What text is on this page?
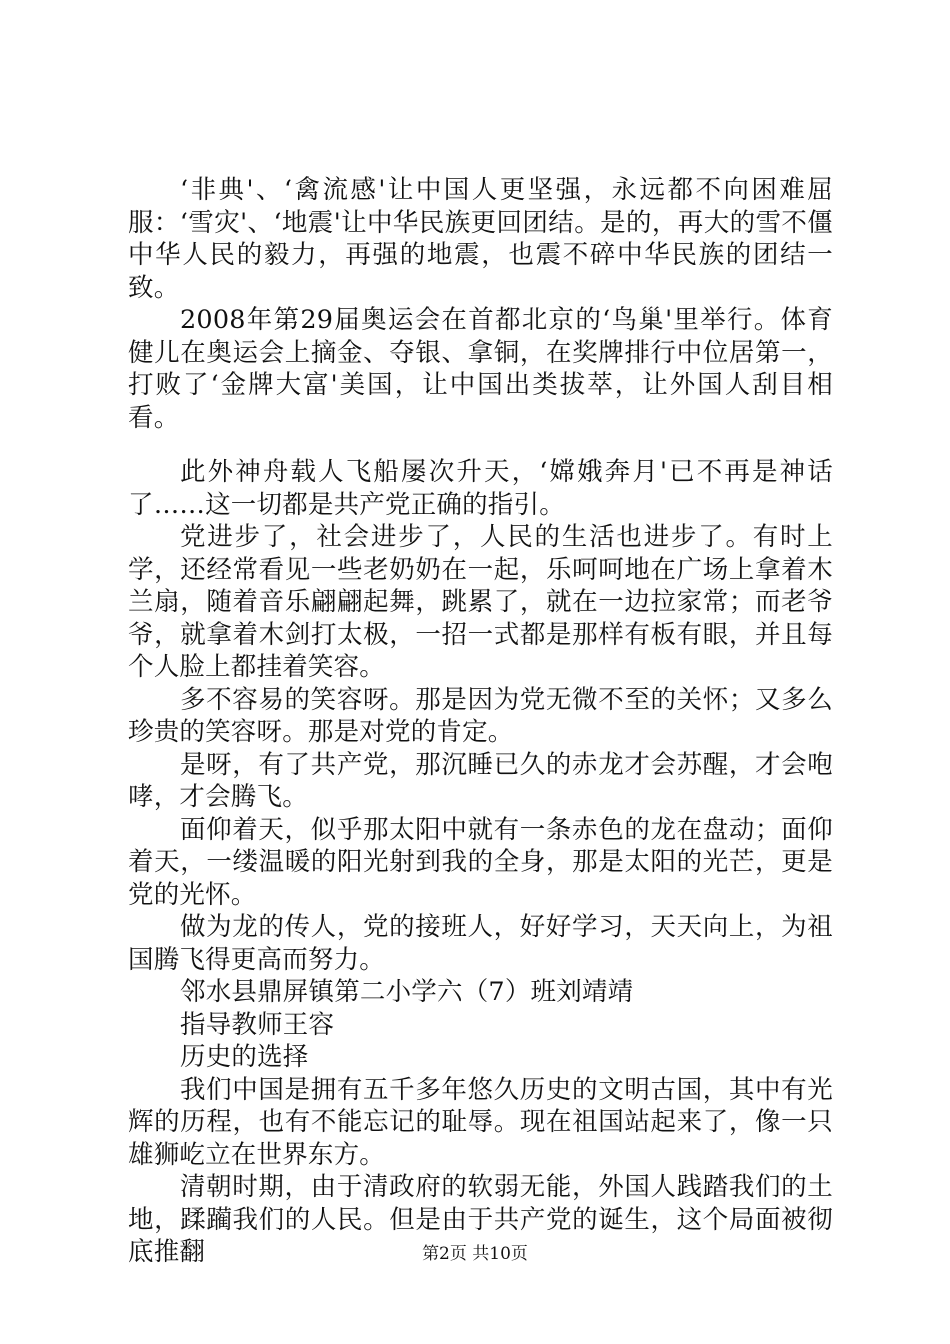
‘非典'、‘禽流感'让中国人更坚强，永远都不向困难屈服：‘雪灾'、‘地震'让中华民族更回团结。是的，再大的雪不僵中华人民的毅力，再强的地震，也震不碎中华民族的团结一致。

2008年第29届奥运会在首都北京的‘鸟巢'里举行。体育健儿在奥运会上摘金、夺银、拿铜，在奖牌排行中位居第一，打败了‘金牌大富'美国，让中国出类拔萃，让外国人刮目相看。

此外神舟载人飞船屡次升天，‘嫦娥奔月'已不再是神话了……这一切都是共产党正确的指引。

党进步了，社会进步了，人民的生活也进步了。有时上学，还经常看见一些老奶奶在一起，乐呵呵地在广场上拿着木兰扇，随着音乐翩翩起舞，跳累了，就在一边拉家常；而老爷爷，就拿着木剑打太极，一招一式都是那样有板有眼，并且每个人脸上都挂着笑容。

多不容易的笑容呀。那是因为党无微不至的关怀；又多么珍贵的笑容呀。那是对党的肯定。

是呀，有了共产党，那沉睡已久的赤龙才会苏醒，才会咆哮，才会腾飞。

面仰着天，似乎那太阳中就有一条赤色的龙在盘动；面仰着天，一缕温暖的阳光射到我的全身，那是太阳的光芒，更是党的光怀。

做为龙的传人，党的接班人，好好学习，天天向上，为祖国腾飞得更高而努力。

邻水县鼎屏镇第二小学六（7）班刘靖靖

指导教师王容

历史的选择

我们中国是拥有五千多年悠久历史的文明古国，其中有光辉的历程，也有不能忘记的耻辱。现在祖国站起来了，像一只雄狮屹立在世界东方。

清朝时期，由于清政府的软弱无能，外国人践踏我们的土地，蹂躏我们的人民。但是由于共产党的诞生，这个局面被彻底推翻	第2页 共10页
